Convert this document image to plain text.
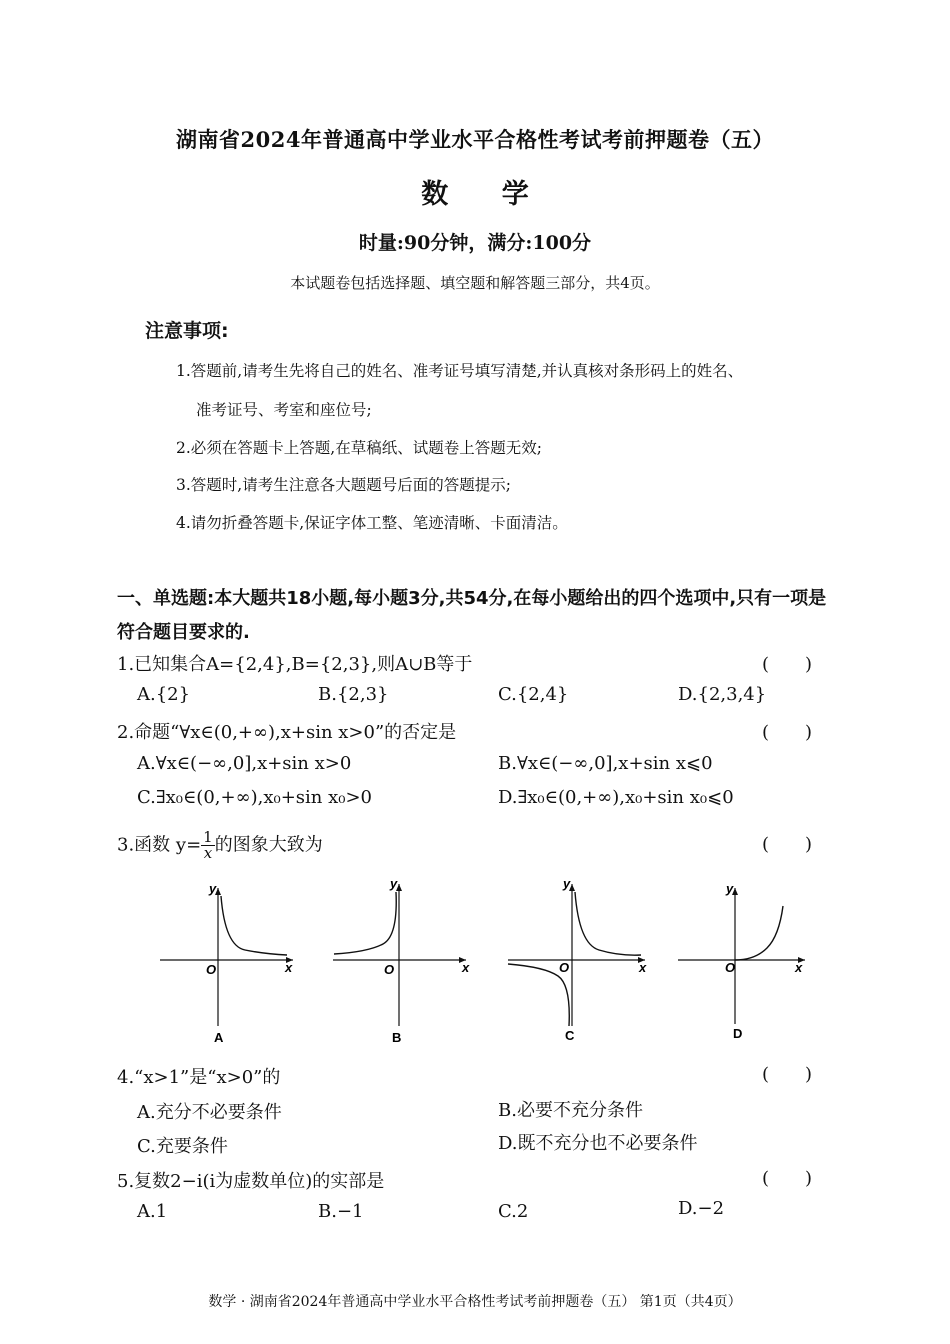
湖南省2024年普通高中学业水平合格性考试考前押题卷（五）
数 学
时量:90分钟，满分:100分
本试题卷包括选择题、填空题和解答题三部分，共4页。
注意事项:
1.答题前,请考生先将自己的姓名、准考证号填写清楚,并认真核对条形码上的姓名、
准考证号、考室和座位号;
2.必须在答题卡上答题,在草稿纸、试题卷上答题无效;
3.答题时,请考生注意各大题题号后面的答题提示;
4.请勿折叠答题卡,保证字体工整、笔迹清晰、卡面清洁。
一、单选题:本大题共18小题,每小题3分,共54分,在每小题给出的四个选项中,只有一项是符合题目要求的.
1.已知集合A={2,4},B={2,3},则A∪B等于	(　　)
A.{2}	B.{2,3}	C.{2,4}	D.{2,3,4}
2.命题“∀x∈(0,+∞),x+sin x>0”的否定是	(　　)
A.∀x∈(−∞,0],x+sin x>0	B.∀x∈(−∞,0],x+sin x⩽0
C.∃x₀∈(0,+∞),x₀+sin x₀>0	D.∃x₀∈(0,+∞),x₀+sin x₀⩽0
3.函数 $y= \frac{1}{x}$ 的图象大致为	(　　)
y
x
O
A
y
x
O
B
y
x
O
C
y
x
O
D
4.“x>1”是“x>0”的	(　　)
A.充分不必要条件	B.必要不充分条件
C.充要条件	D.既不充分也不必要条件
5.复数2−i(i为虚数单位)的实部是	(　　)
A.1	B.−1	C.2	D.−2
数学 · 湖南省2024年普通高中学业水平合格性考试考前押题卷（五） 第1页（共4页）
